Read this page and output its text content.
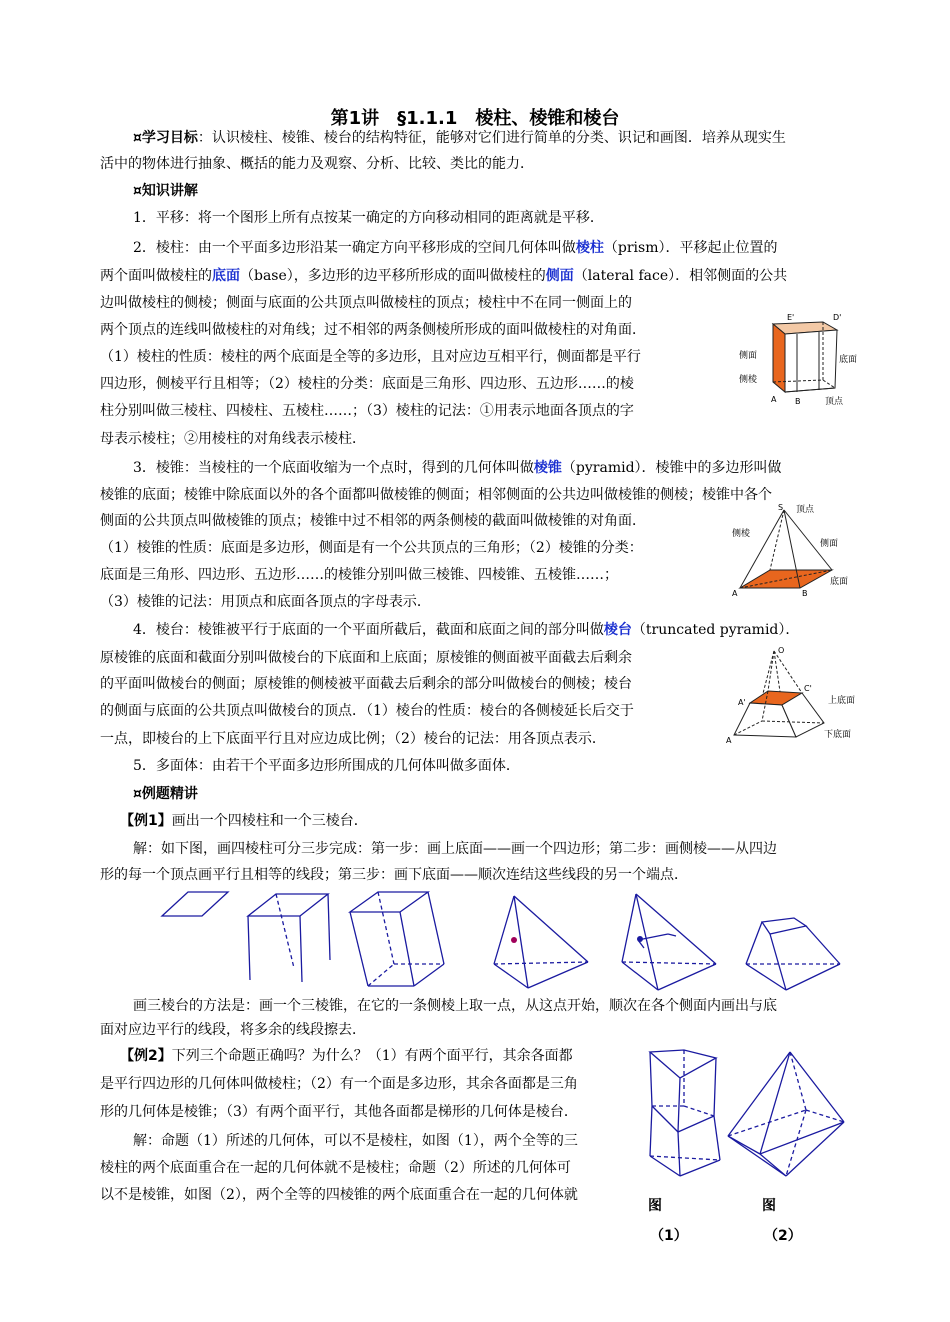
第1讲　§1.1.1　棱柱、棱锥和棱台
¤学习目标：认识棱柱、棱锥、棱台的结构特征，能够对它们进行简单的分类、识记和画图．培养从现实生
活中的物体进行抽象、概括的能力及观察、分析、比较、类比的能力．
¤知识讲解
1．平移：将一个图形上所有点按某一确定的方向移动相同的距离就是平移．
2．棱柱：由一个平面多边形沿某一确定方向平移形成的空间几何体叫做棱柱（prism）．平移起止位置的
两个面叫做棱柱的底面（base），多边形的边平移所形成的面叫做棱柱的侧面（lateral face）．相邻侧面的公共
边叫做棱柱的侧棱；侧面与底面的公共顶点叫做棱柱的顶点；棱柱中不在同一侧面上的
两个顶点的连线叫做棱柱的对角线；过不相邻的两条侧棱所形成的面叫做棱柱的对角面．
（1）棱柱的性质：棱柱的两个底面是全等的多边形，且对应边互相平行，侧面都是平行
四边形，侧棱平行且相等；（2）棱柱的分类：底面是三角形、四边形、五边形……的棱
柱分别叫做三棱柱、四棱柱、五棱柱……；（3）棱柱的记法：①用表示地面各顶点的字
母表示棱柱；②用棱柱的对角线表示棱柱．
E'	D'
侧面	底面
侧棱
顶点
A B
3．棱锥：当棱柱的一个底面收缩为一个点时，得到的几何体叫做棱锥（pyramid）．棱锥中的多边形叫做
棱锥的底面；棱锥中除底面以外的各个面都叫做棱锥的侧面；相邻侧面的公共边叫做棱锥的侧棱；棱锥中各个
侧面的公共顶点叫做棱锥的顶点；棱锥中过不相邻的两条侧棱的截面叫做棱锥的对角面．
（1）棱锥的性质：底面是多边形，侧面是有一个公共顶点的三角形；（2）棱锥的分类：
底面是三角形、四边形、五边形……的棱锥分别叫做三棱锥、四棱锥、五棱锥……；
（3）棱锥的记法：用顶点和底面各顶点的字母表示．
S 顶点
侧棱
侧面
底面
A	B
4．棱台：棱锥被平行于底面的一个平面所截后，截面和底面之间的部分叫做棱台（truncated pyramid）．
原棱锥的底面和截面分别叫做棱台的下底面和上底面；原棱锥的侧面被平面截去后剩余
的平面叫做棱台的侧面；原棱锥的侧棱被平面截去后剩余的部分叫做棱台的侧棱；棱台
的侧面与底面的公共顶点叫做棱台的顶点．（1）棱台的性质：棱台的各侧棱延长后交于
一点，即棱台的上下底面平行且对应边成比例；（2）棱台的记法：用各顶点表示．
O
C'
A'	上底面
下底面
A
5．多面体：由若干个平面多边形所围成的几何体叫做多面体．
¤例题精讲
【例1】画出一个四棱柱和一个三棱台．
解：如下图，画四棱柱可分三步完成：第一步：画上底面——画一个四边形；第二步：画侧棱——从四边
形的每一个顶点画平行且相等的线段；第三步：画下底面——顺次连结这些线段的另一个端点．
画三棱台的方法是：画一个三棱锥，在它的一条侧棱上取一点，从这点开始，顺次在各个侧面内画出与底
面对应边平行的线段，将多余的线段擦去．
【例2】下列三个命题正确吗？为什么？（1）有两个面平行，其余各面都
是平行四边形的几何体叫做棱柱；（2）有一个面是多边形，其余各面都是三角
形的几何体是棱锥；（3）有两个面平行，其他各面都是梯形的几何体是棱台．
解：命题（1）所述的几何体，可以不是棱柱，如图（1），两个全等的三
棱柱的两个底面重合在一起的几何体就不是棱柱；命题（2）所述的几何体可
以不是棱锥，如图（2），两个全等的四棱锥的两个底面重合在一起的几何体就
图	图
（1）	（2）
